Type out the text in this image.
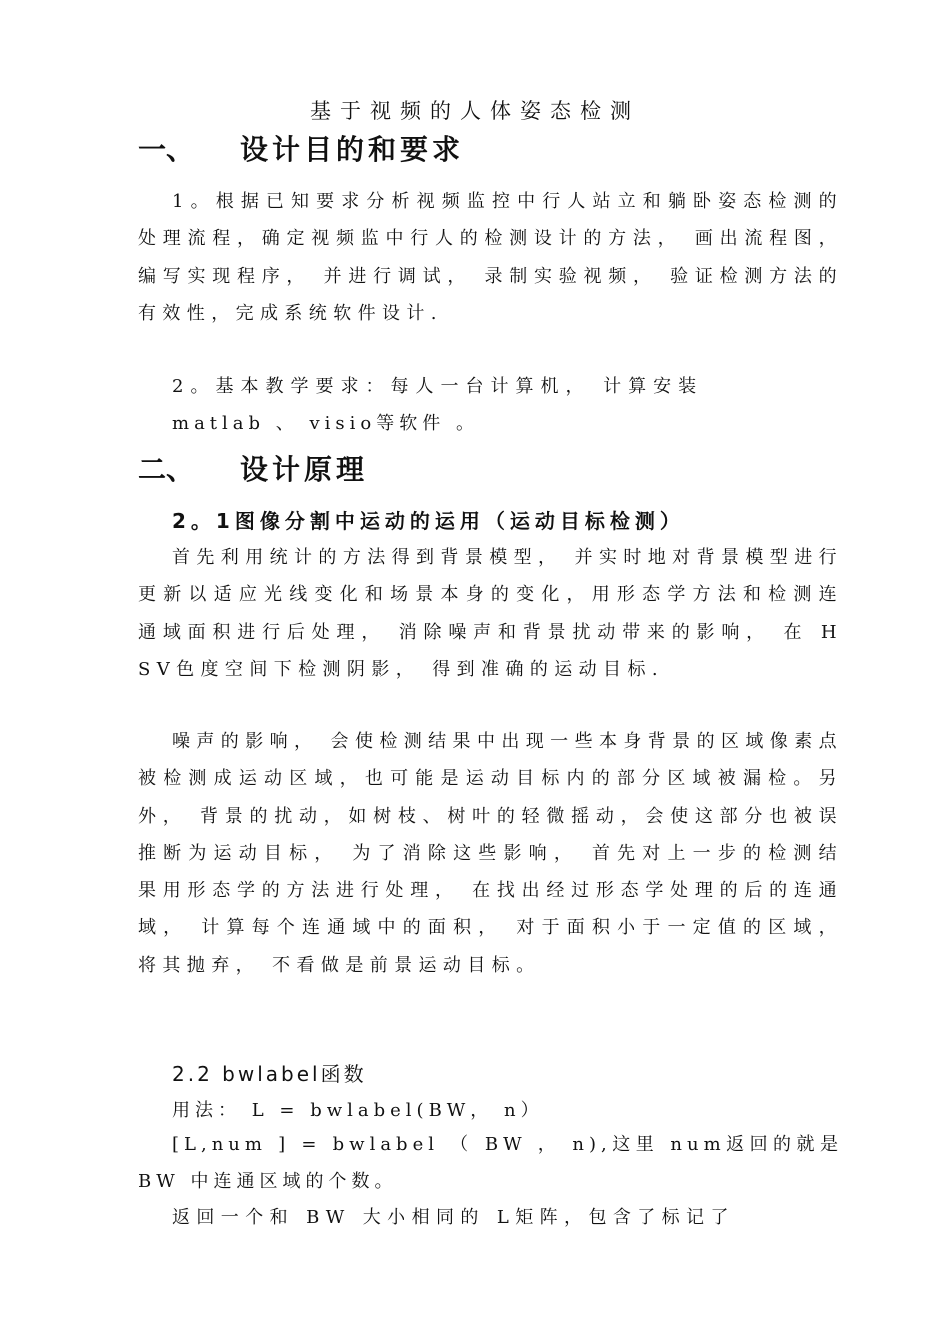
基于视频的人体姿态检测
一、 设计目的和要求

1。根据已知要求分析视频监控中行人站立和躺卧姿态检测的处理流程，确定视频监中行人的检测设计的方法， 画出流程图，编写实现程序， 并进行调试， 录制实验视频， 验证检测方法的有效性，完成系统软件设计.

2。基本教学要求：每人一台计算机， 计算安装

matlab 、 visio等软件 。
二、 设计原理
2。1图像分割中运动的运用（运动目标检测）

首先利用统计的方法得到背景模型， 并实时地对背景模型进行更新以适应光线变化和场景本身的变化，用形态学方法和检测连通域面积进行后处理， 消除噪声和背景扰动带来的影响， 在 HSV色度空间下检测阴影， 得到准确的运动目标.

噪声的影响， 会使检测结果中出现一些本身背景的区域像素点被检测成运动区域，也可能是运动目标内的部分区域被漏检。另外， 背景的扰动，如树枝、树叶的轻微摇动，会使这部分也被误推断为运动目标， 为了消除这些影响， 首先对上一步的检测结果用形态学的方法进行处理， 在找出经过形态学处理的后的连通域， 计算每个连通域中的面积， 对于面积小于一定值的区域，将其抛弃， 不看做是前景运动目标。

2.2 bwlabel函数
用法： L = bwlabel(BW， n）

[L,num ] = bwlabel （ BW ， n),这里 num返回的就是 BW 中连通区域的个数。

返回一个和 BW 大小相同的 L矩阵，包含了标记了
